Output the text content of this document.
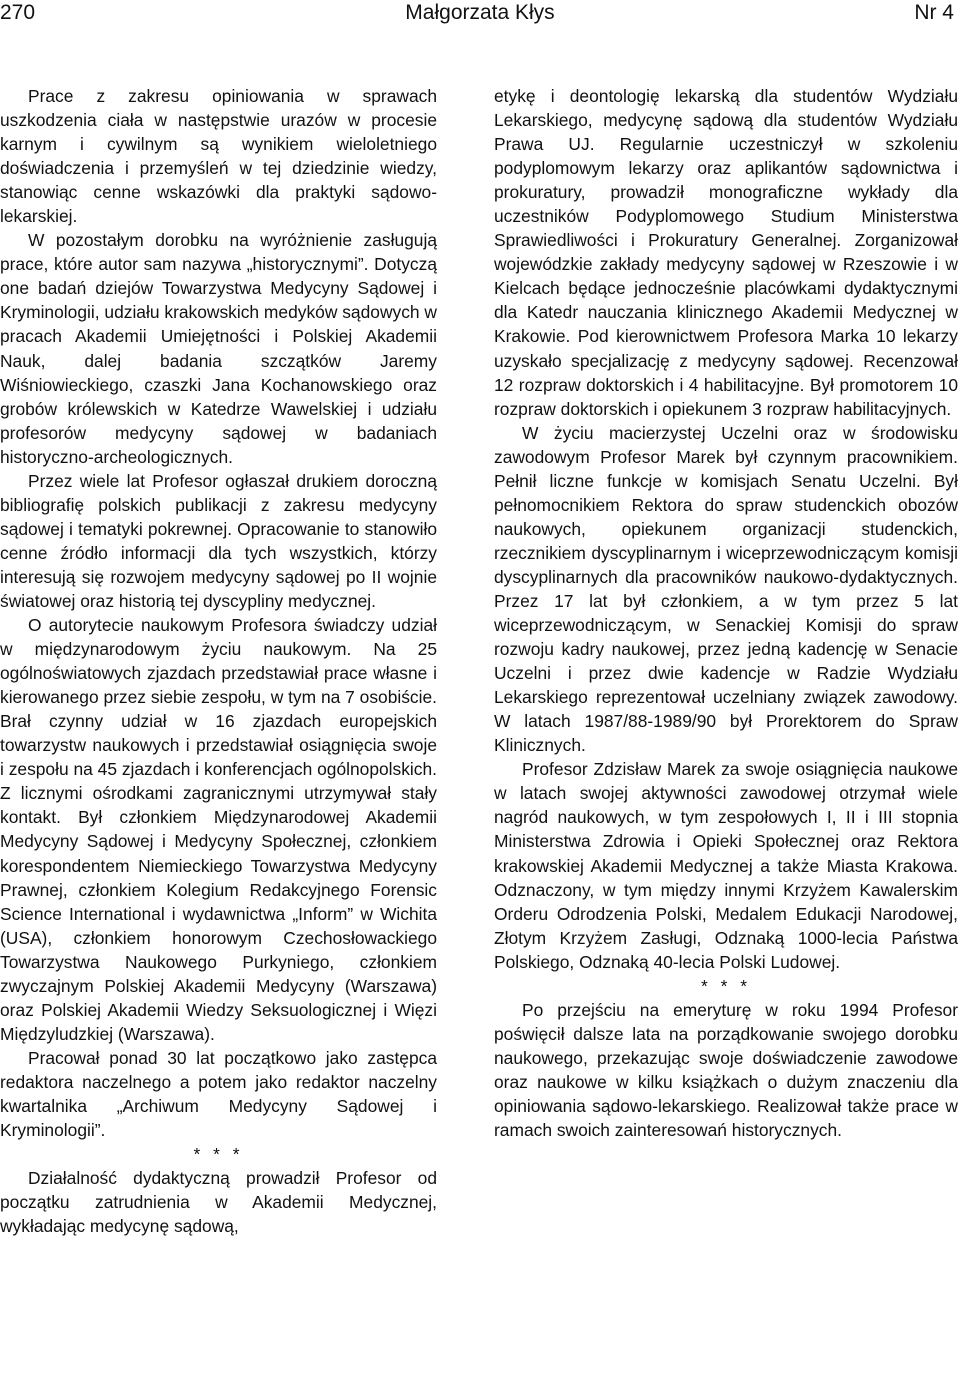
270	Małgorzata Kłys	Nr 4

Prace z zakresu opiniowania w sprawach uszkodzenia ciała w następstwie urazów w procesie karnym i cywilnym są wynikiem wieloletniego doświadczenia i przemyśleń w tej dziedzinie wiedzy, stanowiąc cenne wskazówki dla praktyki sądowo-lekarskiej.

W pozostałym dorobku na wyróżnienie zasługują prace, które autor sam nazywa „historycznymi”. Dotyczą one badań dziejów Towarzystwa Medycyny Sądowej i Kryminologii, udziału krakowskich medyków sądowych w pracach Akademii Umiejętności i Polskiej Akademii Nauk, dalej badania szczątków Jaremy Wiśniowieckiego, czaszki Jana Kochanowskiego oraz grobów królewskich w Katedrze Wawelskiej i udziału profesorów medycyny sądowej w badaniach historyczno-archeologicznych.

Przez wiele lat Profesor ogłaszał drukiem doroczną bibliografię polskich publikacji z zakresu medycyny sądowej i tematyki pokrewnej. Opracowanie to stanowiło cenne źródło informacji dla tych wszystkich, którzy interesują się rozwojem medycyny sądowej po II wojnie światowej oraz historią tej dyscypliny medycznej.

O autorytecie naukowym Profesora świadczy udział w międzynarodowym życiu naukowym. Na 25 ogólnoświatowych zjazdach przedstawiał prace własne i kierowanego przez siebie zespołu, w tym na 7 osobiście. Brał czynny udział w 16 zjazdach europejskich towarzystw naukowych i przedstawiał osiągnięcia swoje i zespołu na 45 zjazdach i konferencjach ogólnopolskich. Z licznymi ośrodkami zagranicznymi utrzymywał stały kontakt. Był członkiem Międzynarodowej Akademii Medycyny Sądowej i Medycyny Społecznej, członkiem korespondentem Niemieckiego Towarzystwa Medycyny Prawnej, członkiem Kolegium Redakcyjnego Forensic Science International i wydawnictwa „Inform” w Wichita (USA), członkiem honorowym Czechosłowackiego Towarzystwa Naukowego Purkyniego, członkiem zwyczajnym Polskiej Akademii Medycyny (Warszawa) oraz Polskiej Akademii Wiedzy Seksuologicznej i Więzi Międzyludzkiej (Warszawa).

Pracował ponad 30 lat początkowo jako zastępca redaktora naczelnego a potem jako redaktor naczelny kwartalnika „Archiwum Medycyny Sądowej i Kryminologii”.

* * *

Działalność dydaktyczną prowadził Profesor od początku zatrudnienia w Akademii Medycznej, wykładając medycynę sądową,

etykę i deontologię lekarską dla studentów Wydziału Lekarskiego, medycynę sądową dla studentów Wydziału Prawa UJ. Regularnie uczestniczył w szkoleniu podyplomowym lekarzy oraz aplikantów sądownictwa i prokuratury, prowadził monograficzne wykłady dla uczestników Podyplomowego Studium Ministerstwa Sprawiedliwości i Prokuratury Generalnej. Zorganizował wojewódzkie zakłady medycyny sądowej w Rzeszowie i w Kielcach będące jednocześnie placówkami dydaktycznymi dla Katedr nauczania klinicznego Akademii Medycznej w Krakowie. Pod kierownictwem Profesora Marka 10 lekarzy uzyskało specjalizację z medycyny sądowej. Recenzował 12 rozpraw doktorskich i 4 habilitacyjne. Był promotorem 10 rozpraw doktorskich i opiekunem 3 rozpraw habilitacyjnych.

W życiu macierzystej Uczelni oraz w środowisku zawodowym Profesor Marek był czynnym pracownikiem. Pełnił liczne funkcje w komisjach Senatu Uczelni. Był pełnomocnikiem Rektora do spraw studenckich obozów naukowych, opiekunem organizacji studenckich, rzecznikiem dyscyplinarnym i wiceprzewodniczącym komisji dyscyplinarnych dla pracowników naukowo-dydaktycznych. Przez 17 lat był członkiem, a w tym przez 5 lat wiceprzewodniczącym, w Senackiej Komisji do spraw rozwoju kadry naukowej, przez jedną kadencję w Senacie Uczelni i przez dwie kadencje w Radzie Wydziału Lekarskiego reprezentował uczelniany związek zawodowy. W latach 1987/88-1989/90 był Prorektorem do Spraw Klinicznych.

Profesor Zdzisław Marek za swoje osiągnięcia naukowe w latach swojej aktywności zawodowej otrzymał wiele nagród naukowych, w tym zespołowych I, II i III stopnia Ministerstwa Zdrowia i Opieki Społecznej oraz Rektora krakowskiej Akademii Medycznej a także Miasta Krakowa. Odznaczony, w tym między innymi Krzyżem Kawalerskim Orderu Odrodzenia Polski, Medalem Edukacji Narodowej, Złotym Krzyżem Zasługi, Odznaką 1000-lecia Państwa Polskiego, Odznaką 40-lecia Polski Ludowej.

* * *

Po przejściu na emeryturę w roku 1994 Profesor poświęcił dalsze lata na porządkowanie swojego dorobku naukowego, przekazując swoje doświadczenie zawodowe oraz naukowe w kilku książkach o dużym znaczeniu dla opiniowania sądowo-lekarskiego. Realizował także prace w ramach swoich zainteresowań historycznych.
